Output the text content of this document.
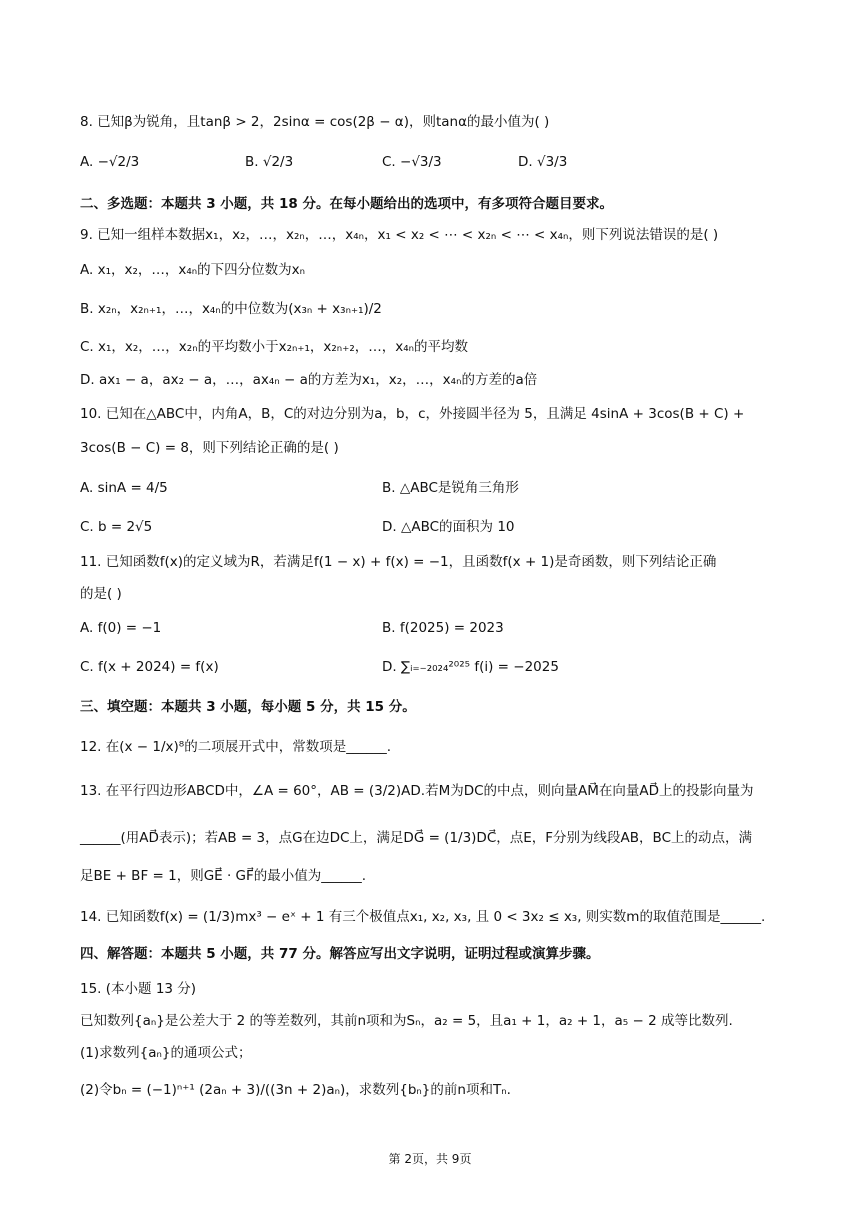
8. 已知β为锐角，且tanβ > 2，2sinα = cos(2β − α)，则tanα的最小值为( )
A. −√2/3	B. √2/3	C. −√3/3	D. √3/3
二、多选题：本题共 3 小题，共 18 分。在每小题给出的选项中，有多项符合题目要求。
9. 已知一组样本数据x₁，x₂，…，x₂ₙ，…，x₄ₙ，x₁ < x₂ < ⋯ < x₂ₙ < ⋯ < x₄ₙ，则下列说法错误的是( )
A. x₁，x₂，…，x₄ₙ的下四分位数为xₙ
B. x₂ₙ，x₂ₙ₊₁，…，x₄ₙ的中位数为(x₃ₙ + x₃ₙ₊₁)/2
C. x₁，x₂，…，x₂ₙ的平均数小于x₂ₙ₊₁，x₂ₙ₊₂，…，x₄ₙ的平均数
D. ax₁ − a，ax₂ − a，…，ax₄ₙ − a的方差为x₁，x₂，…，x₄ₙ的方差的a倍
10. 已知在△ABC中，内角A，B，C的对边分别为a，b，c，外接圆半径为 5，且满足 4sinA + 3cos(B + C) +
3cos(B − C) = 8，则下列结论正确的是( )
A. sinA = 4/5	B. △ABC是锐角三角形
C. b = 2√5	D. △ABC的面积为 10
11. 已知函数f(x)的定义域为R，若满足f(1 − x) + f(x) = −1，且函数f(x + 1)是奇函数，则下列结论正确
的是( )
A. f(0) = −1	B. f(2025) = 2023
C. f(x + 2024) = f(x)	D. ∑ᵢ₌₋₂₀₂₄²⁰²⁵ f(i) = −2025
三、填空题：本题共 3 小题，每小题 5 分，共 15 分。
12. 在(x − 1/x)⁸的二项展开式中，常数项是______.
13. 在平行四边形ABCD中，∠A = 60°，AB = (3/2)AD.若M为DC的中点，则向量AM⃗在向量AD⃗上的投影向量为
______(用AD⃗表示)；若AB = 3，点G在边DC上，满足DG⃗ = (1/3)DC⃗，点E，F分别为线段AB，BC上的动点，满
足BE + BF = 1，则GE⃗ · GF⃗的最小值为______.
14. 已知函数f(x) = (1/3)mx³ − eˣ + 1 有三个极值点x₁, x₂, x₃, 且 0 < 3x₂ ≤ x₃, 则实数m的取值范围是______.
四、解答题：本题共 5 小题，共 77 分。解答应写出文字说明，证明过程或演算步骤。
15. (本小题 13 分)
已知数列{aₙ}是公差大于 2 的等差数列，其前n项和为Sₙ，a₂ = 5，且a₁ + 1，a₂ + 1，a₅ − 2 成等比数列.
(1)求数列{aₙ}的通项公式；
(2)令bₙ = (−1)ⁿ⁺¹ (2aₙ + 3)/((3n + 2)aₙ)，求数列{bₙ}的前n项和Tₙ.
第 2页，共 9页
